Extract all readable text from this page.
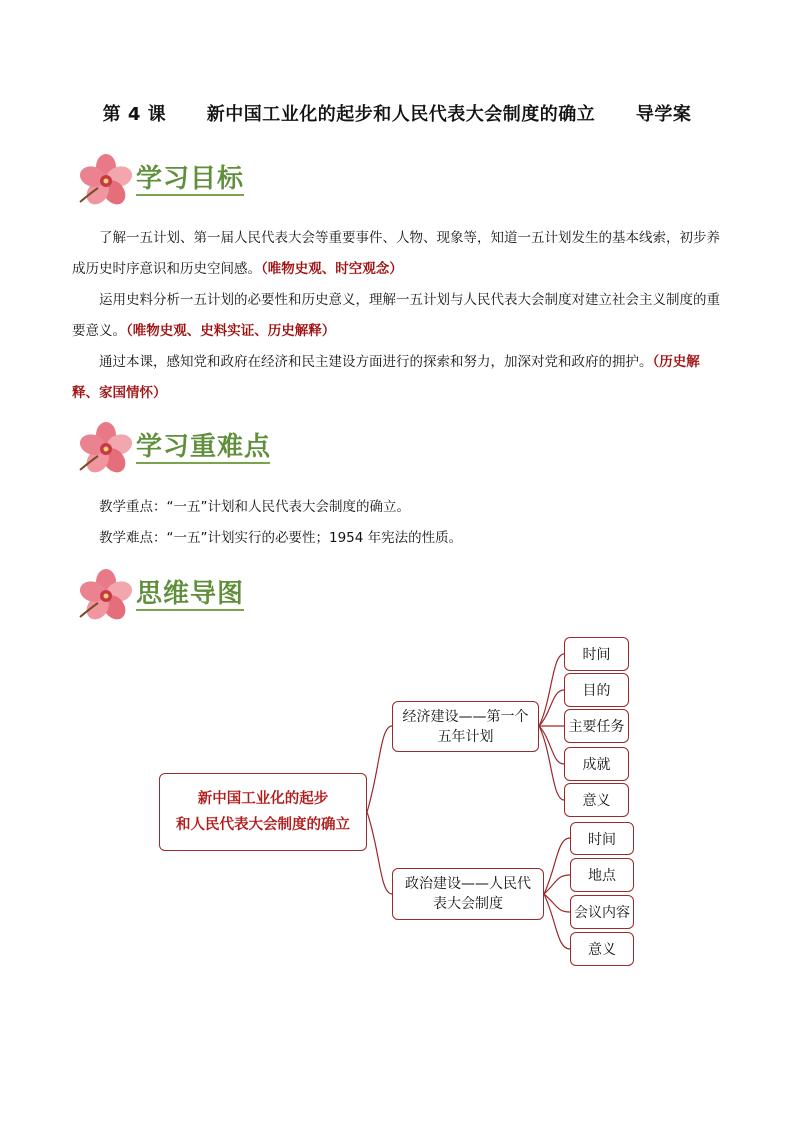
第 4 课      新中国工业化的起步和人民代表大会制度的确立      导学案
学习目标

了解一五计划、第一届人民代表大会等重要事件、人物、现象等，知道一五计划发生的基本线索，初步养成历史时序意识和历史空间感。（唯物史观、时空观念）

运用史料分析一五计划的必要性和历史意义，理解一五计划与人民代表大会制度对建立社会主义制度的重要意义。（唯物史观、史料实证、历史解释）

通过本课，感知党和政府在经济和民主建设方面进行的探索和努力，加深对党和政府的拥护。（历史解释、家国情怀）

学习重难点
教学重点：“一五”计划和人民代表大会制度的确立。
教学难点：“一五”计划实行的必要性；1954 年宪法的性质。
思维导图
新中国工业化的起步
和人民代表大会制度的确立
经济建设——第一个
五年计划
时间
目的
主要任务
成就
意义
政治建设——人民代
表大会制度
时间
地点
会议内容
意义
